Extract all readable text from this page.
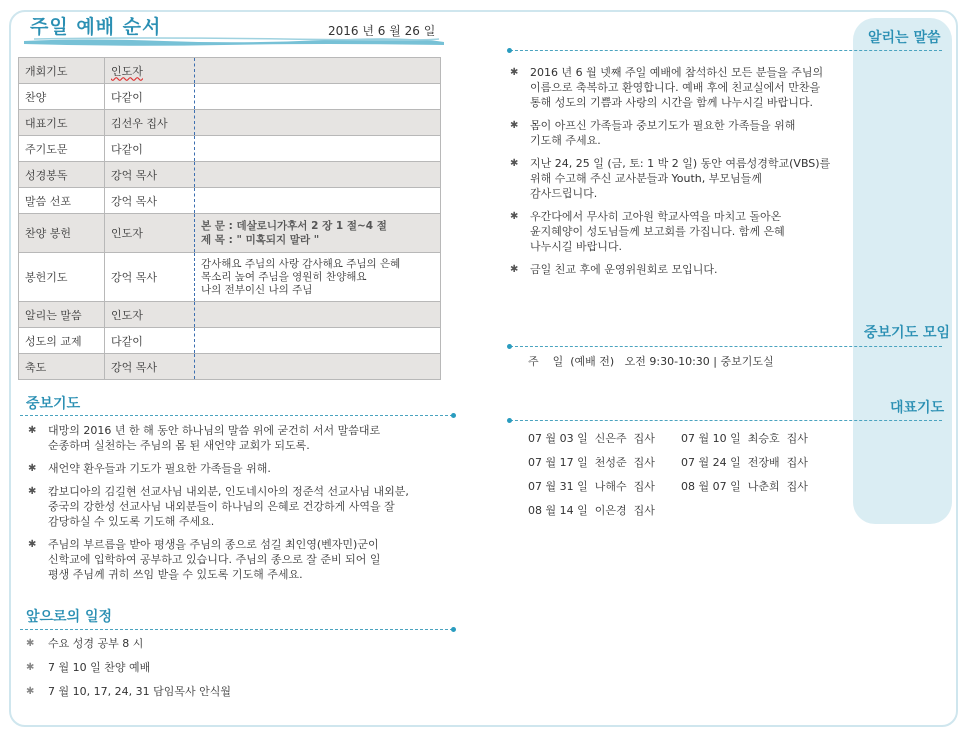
주일 예배 순서	2016 년 6 월 26 일
개회기도	인도자	
찬양	다같이	
대표기도	김선우 집사	
주기도문	다같이	
성경봉독	강억 목사	
말씀 선포	강억 목사	
찬양 봉헌	인도자	본 문 : 데살로니가후서 2 장 1 절~4 절
제 목 : " 미혹되지 말라 "

봉헌기도	강억 목사	감사해요 주님의 사랑 감사해요 주님의 은혜
목소리 높여 주님을 영원히 찬양해요
나의 전부이신 나의 주님

알리는 말씀	인도자	
성도의 교제	다같이	
축도	강억 목사	
중보기도
✱ 대망의 2016 년 한 해 동안 하나님의 말씀 위에 굳건히 서서 말씀대로
순종하며 실천하는 주님의 몸 된 새언약 교회가 되도록.
✱ 새언약 환우들과 기도가 필요한 가족들을 위해.
✱ 캄보디아의 김길현 선교사님 내외분, 인도네시아의 정준석 선교사님 내외분,
중국의 강한성 선교사님 내외분들이 하나님의 은혜로 건강하게 사역을 잘
감당하실 수 있도록 기도해 주세요.
✱ 주님의 부르름을 받아 평생을 주님의 종으로 섬길 최인영(벤자민)군이
신학교에 입학하여 공부하고 있습니다. 주님의 종으로 잘 준비 되어 일
평생 주님께 귀히 쓰임 받을 수 있도록 기도해 주세요.
앞으로의 일정
✱ 수요 성경 공부 8 시
✱ 7 월 10 일 찬양 예배
✱ 7 월 10, 17, 24, 31 담임목사 안식월
알리는 말씀
✱ 2016 년 6 월 넷째 주일 예배에 참석하신 모든 분들을 주님의
이름으로 축복하고 환영합니다. 예배 후에 친교실에서 만찬을
통해 성도의 기쁨과 사랑의 시간을 함께 나누시길 바랍니다.
✱ 몸이 아프신 가족들과 중보기도가 필요한 가족들을 위해
기도해 주세요.
✱ 지난 24, 25 일 (금, 토: 1 박 2 일) 동안 여름성경학교(VBS)를
위해 수고해 주신 교사분들과 Youth, 부모님들께
감사드립니다.
✱ 우간다에서 무사히 고아원 학교사역을 마치고 돌아온
윤지혜양이 성도님들께 보고회를 가집니다. 함께 은혜
나누시길 바랍니다.
✱ 금일 친교 후에 운영위원회로 모입니다.
중보기도 모임
주    일  (예배 전)   오전 9:30-10:30 | 중보기도실
대표기도
07 월 03 일  신은주  집사	07 월 10 일  최승호  집사
07 월 17 일  천성준  집사	07 월 24 일  전장배  집사
07 월 31 일  나해수  집사	08 월 07 일  나춘희  집사
08 월 14 일  이은경  집사
